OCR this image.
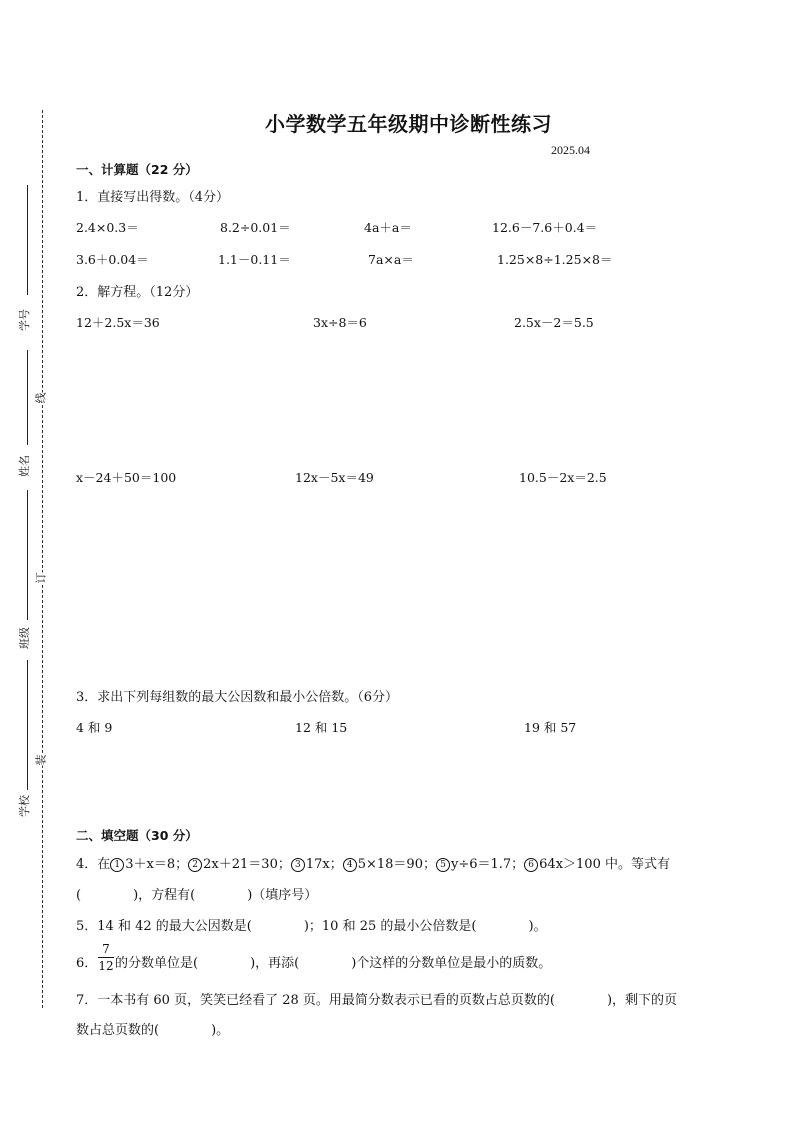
学号
姓名
班级
学校
线
订
装
小学数学五年级期中诊断性练习
2025.04
一、计算题（22 分）
1．直接写出得数。（4分）
2.4×0.3＝	8.2÷0.01＝	4a＋a＝	12.6－7.6＋0.4＝
3.6＋0.04＝	1.1－0.11＝	7a×a＝	1.25×8÷1.25×8＝
2．解方程。（12分）
12＋2.5x＝36	3x÷8＝6	2.5x－2＝5.5
x－24＋50＝100	12x－5x＝49	10.5－2x＝2.5
3．求出下列每组数的最大公因数和最小公倍数。（6分）
4 和 9	12 和 15	19 和 57
二、填空题（30 分）
4．在 1 3＋x＝8； 2 2x＋21＝30； 3 17x； 4 5×18＝90； 5 y÷6＝1.7； 6 64x＞100 中。等式有
(　　　　)，方程有(　　　　)（填序号）
5．14 和 42 的最大公因数是(　　　　)；10 和 25 的最小公倍数是(　　　　)。
6．
7
12 的分数单位是(　　　　)，再添(　　　　)个这样的分数单位是最小的质数。
7．一本书有 60 页，笑笑已经看了 28 页。用最简分数表示已看的页数占总页数的(　　　　)，剩下的页
数占总页数的(　　　　)。
